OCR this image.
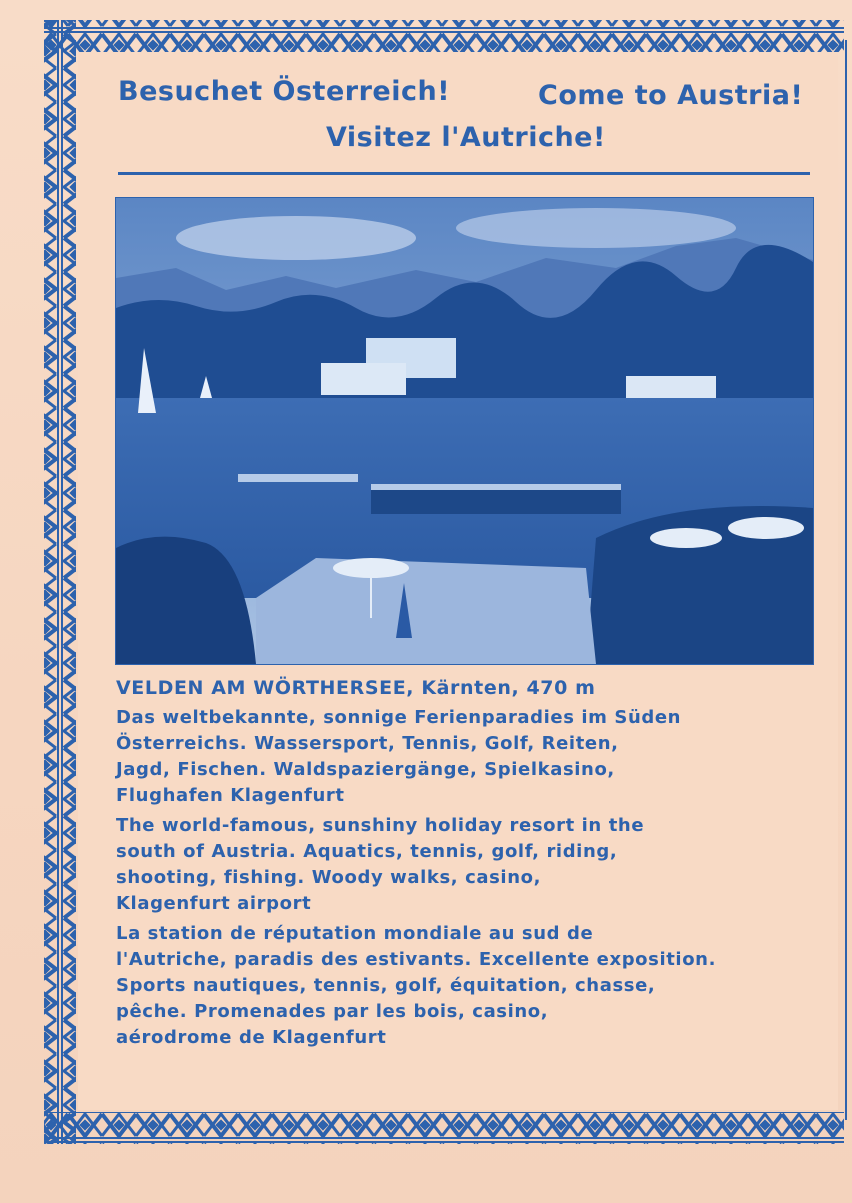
Besuchet Österreich!	Come to Austria!
Visitez l'Autriche!
VELDEN AM WÖRTHERSEE, Kärnten, 470 m
Das weltbekannte, sonnige Ferienparadies im Süden
Österreichs. Wassersport, Tennis, Golf, Reiten,
Jagd, Fischen. Waldspaziergänge, Spielkasino,
Flughafen Klagenfurt
The world-famous, sunshiny holiday resort in the
south of Austria. Aquatics, tennis, golf, riding,
shooting, fishing. Woody walks, casino,
Klagenfurt airport
La station de réputation mondiale au sud de
l'Autriche, paradis des estivants. Excellente exposition.
Sports nautiques, tennis, golf, équitation, chasse,
pêche. Promenades par les bois, casino,
aérodrome de Klagenfurt
